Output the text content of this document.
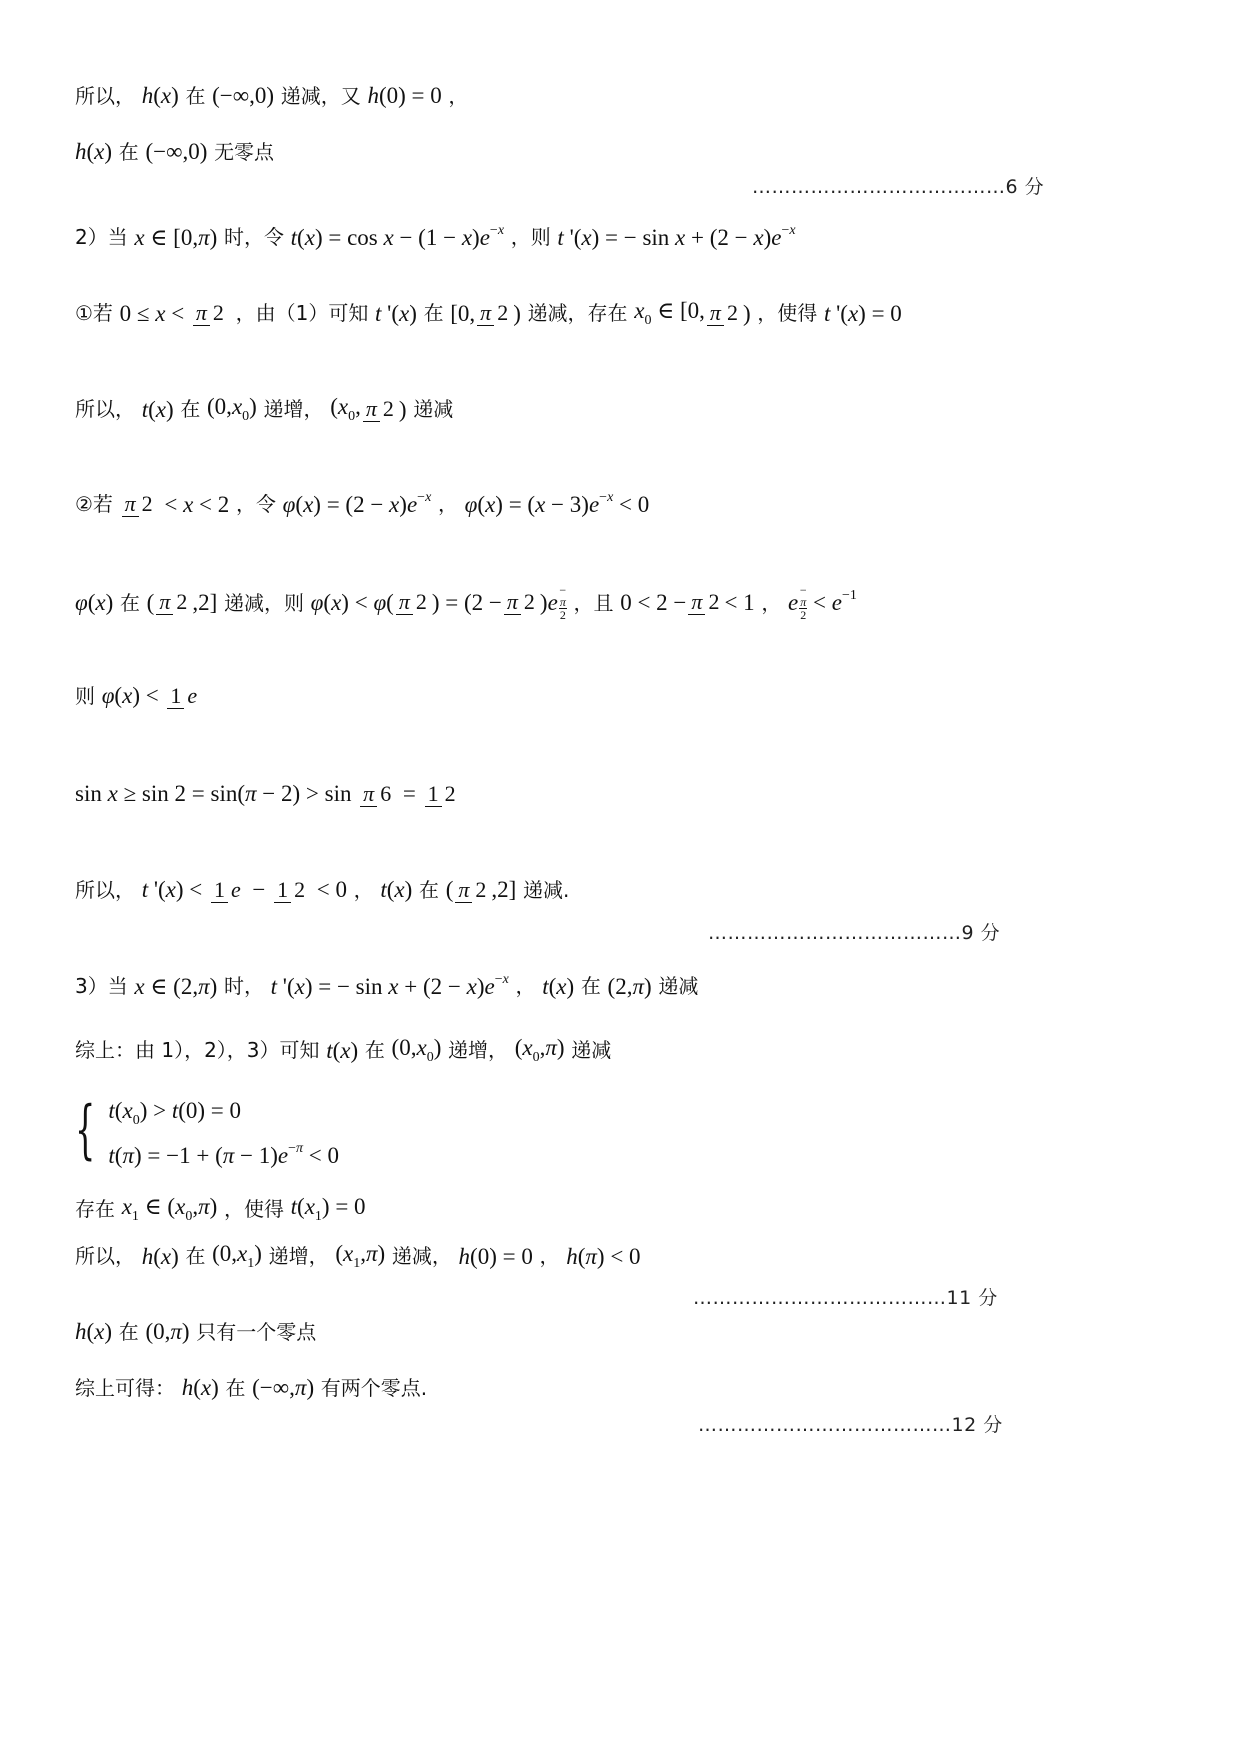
所以， h(x) 在 (−∞,0) 递减，又 h(0) = 0 ，
h(x) 在 (−∞,0) 无零点
…………………………………6 分
2）当 x ∈ [0,π) 时，令 $t(x) = \cos x - (1 - x)e^{-x}$ ，则 t '(x) = − $\sin x + (2 - x)e^{-x}$
①若 0 ≤ x < π 2 ，由（1）可知 t '(x) 在 [0, π 2 ) 递减，存在 $x_0$ ∈ [0, π 2 ) ，使得 t '(x) = 0
所以， t(x) 在 $(0,x_0)$ 递增， ($x_0$, π 2 ) 递减
②若 π 2 < x < 2 ，令 $\varphi(x) = (2 - x)e^{-x}$ ， $\varphi(x) = (x - 3)e^{-x} < 0$
φ(x) 在 ( π 2 ,2] 递减，则 φ(x) < φ( π 2 ) = (2 − π 2 )e −
π
2
，且 0 < 2 − π 2 < 1 ， e −
π
$2 < e^{-1}$
则 φ(x) < 1 e
sin x ≥ sin 2 = sin(π − 2) > sin π 6 = 1 2
所以， t '(x) < 1 e − 1 2 < 0 ， t(x) 在 ( π 2 ,2] 递减.
…………………………………9 分
3）当 x ∈ (2,π) 时， t '(x) = − $\sin x + (2 - x)e^{-x}$ ， t(x) 在 (2,π) 递减
综上：由 1），2），3）可知 t(x) 在 $(0,x_0)$ 递增， $(x_0,\pi)$ 递减
{ $t(x_0) > t(0) = 0$
$t(\pi) = -1 + (\pi - 1)e^{-\pi} < 0$
存在 $x_1$ ∈ $(x_0,\pi)$ ，使得 $t(x_1) = 0$
所以， h(x) 在 $(0,x_1)$ 递增， $(x_1,\pi)$ 递减， h(0) = 0 ， h(π) < 0
…………………………………11 分
h(x) 在 (0,π) 只有一个零点
综上可得： h(x) 在 (−∞,π) 有两个零点.
…………………………………12 分
